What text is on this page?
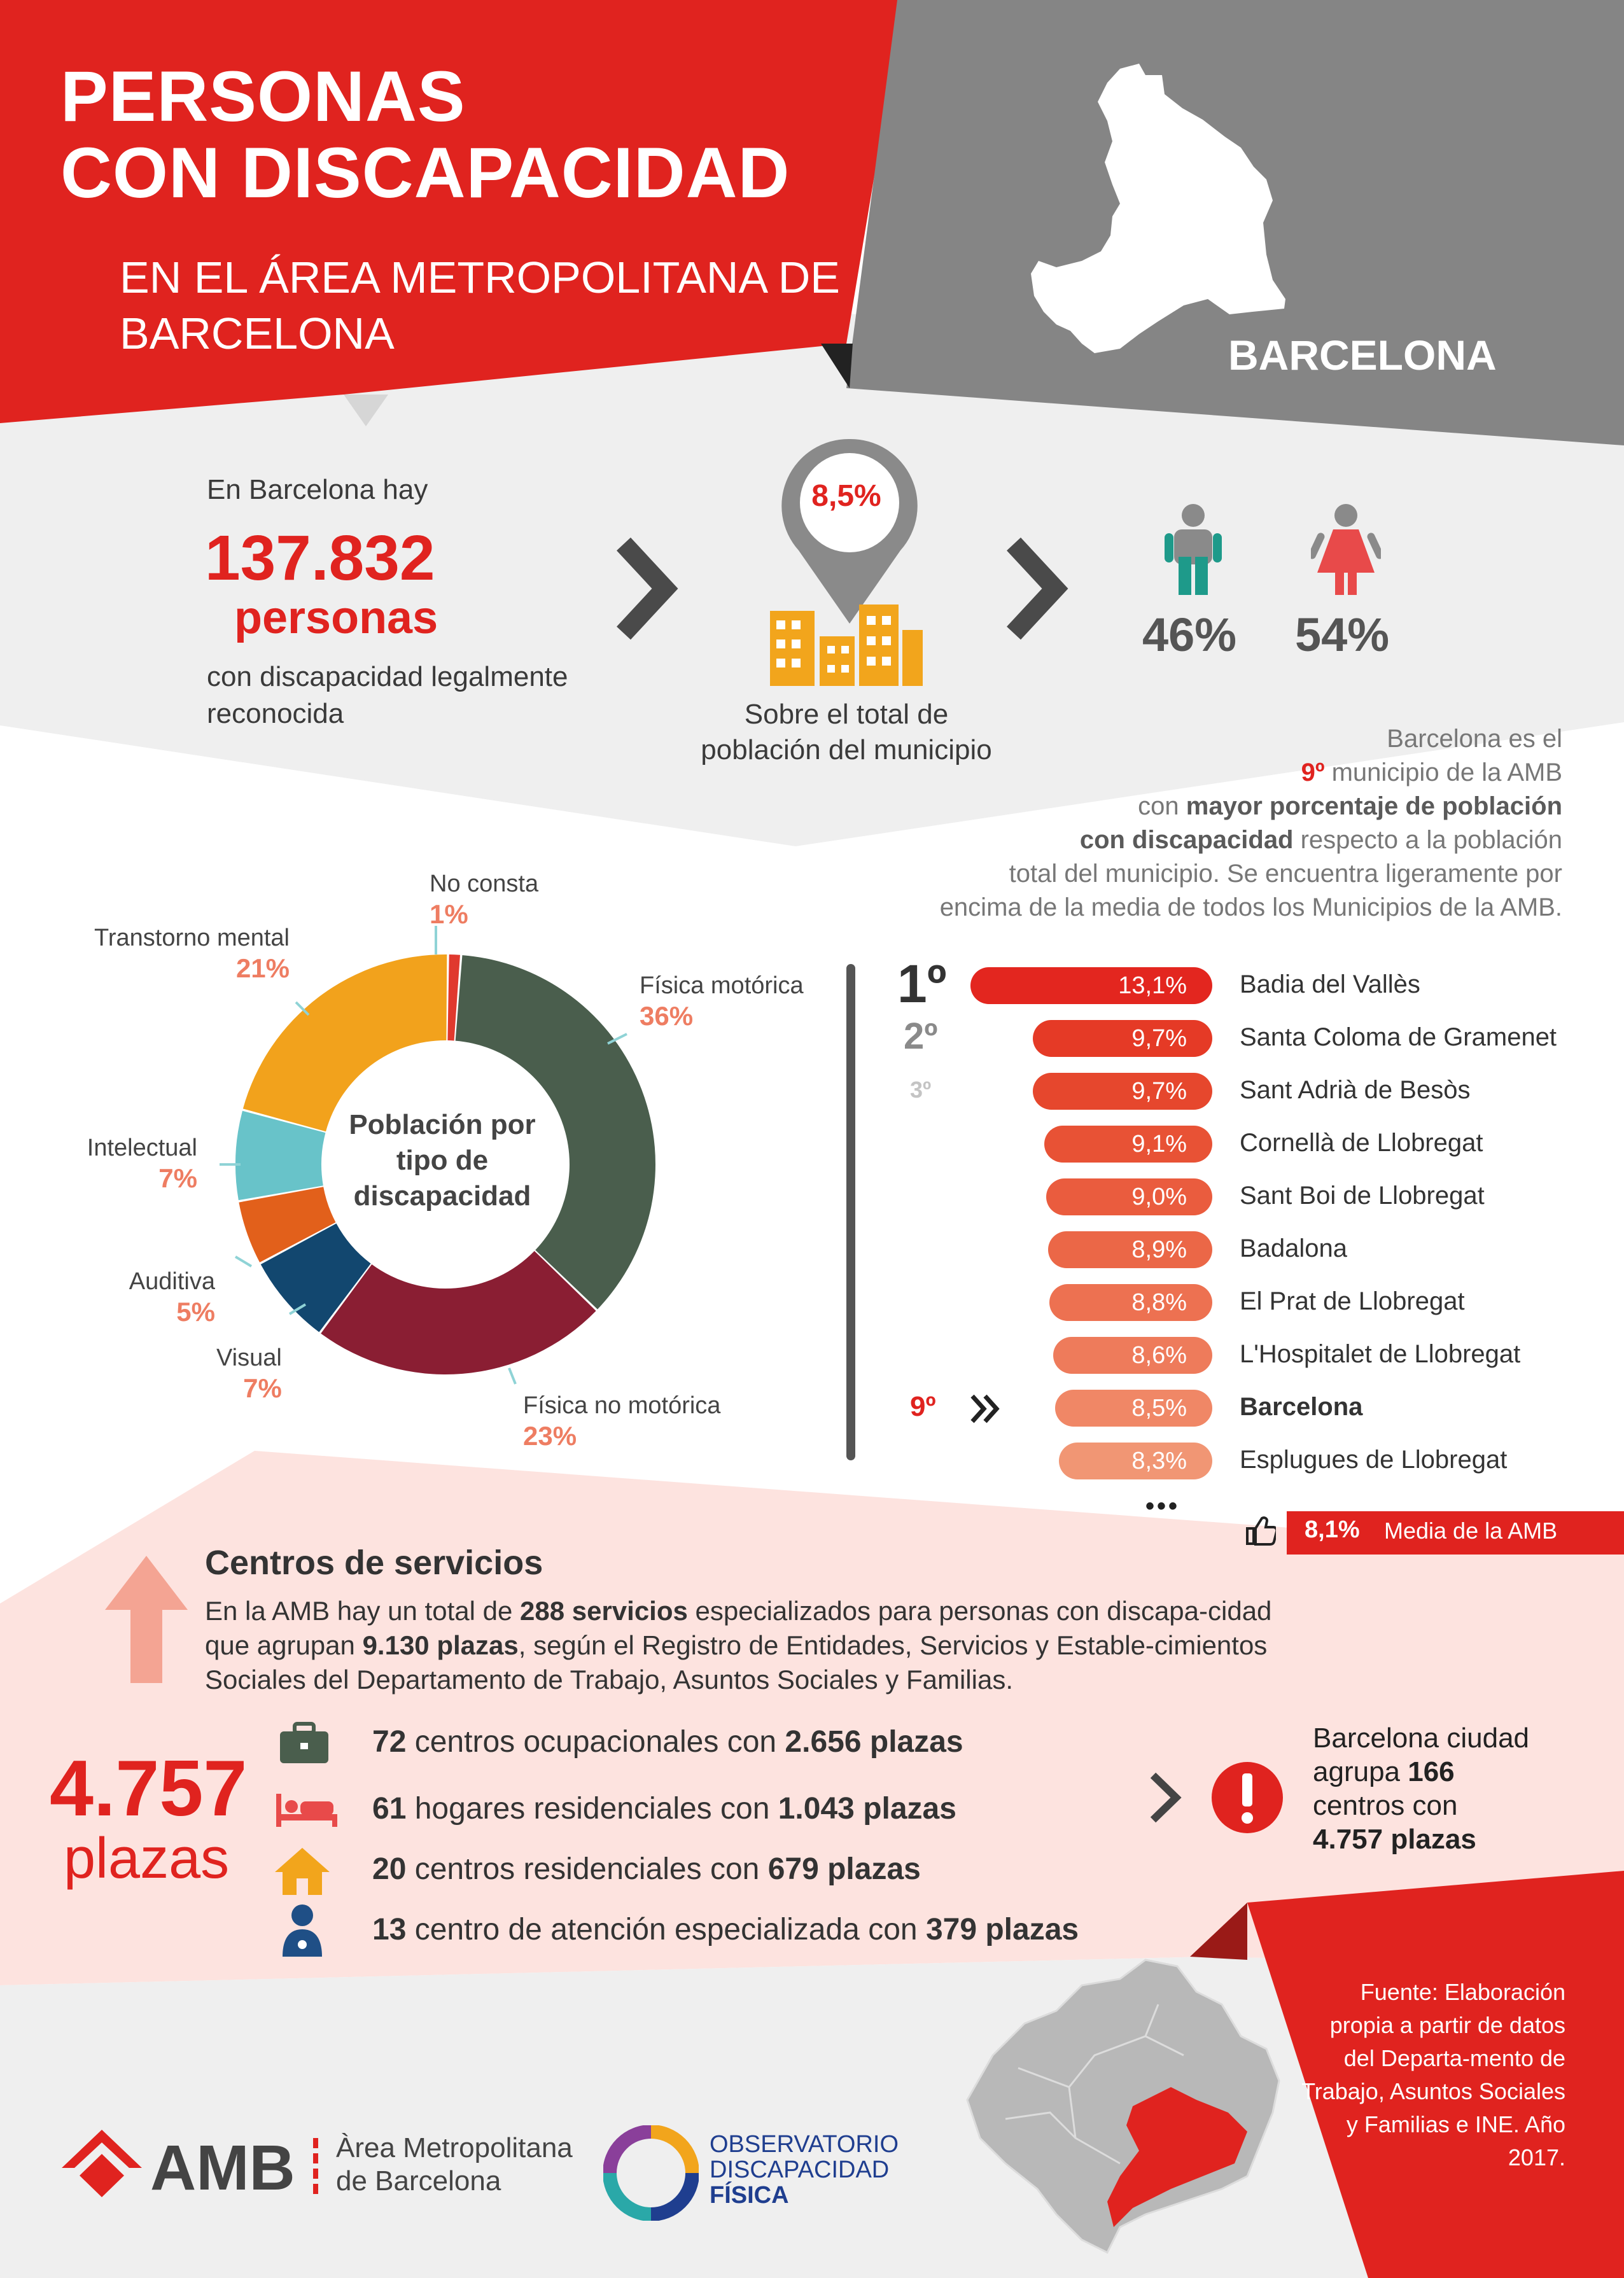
PERSONAS
CON DISCAPACIDAD
EN EL ÁREA METROPOLITANA DE BARCELONA	BARCELONA
En Barcelona hay
137.832
personas
con discapacidad legalmente reconocida
8,5%
Sobre el total de población del municipio
46% 54%
Barcelona es el
9º municipio de la AMB
con mayor porcentaje de población
con discapacidad respecto a la población
total del municipio. Se encuentra ligeramente por
encima de la media de todos los Municipios de la AMB.
Población por tipo de discapacidad
No consta
1%
Física motórica
36%
Física no motórica
23%
Visual
7%
Auditiva
5%
Intelectual
7%
Transtorno mental
21%
13,1%	Badia del Vallès
1º
9,7%	Santa Coloma de Gramenet
2º
9,7%	Sant Adrià de Besòs
3º
9,1%	Cornellà de Llobregat
9,0%	Sant Boi de Llobregat
8,9%	Badalona
8,8%	El Prat de Llobregat
8,6%	L'Hospitalet de Llobregat
8,5%	Barcelona
9º
8,3%	Esplugues de Llobregat
•••
8,1% Media de la AMB
Centros de servicios
En la AMB hay un total de 288 servicios especializados para personas con discapa-cidad que agrupan 9.130 plazas, según el Registro de Entidades, Servicios y Estable-cimientos Sociales del Departamento de Trabajo, Asuntos Sociales y Familias.
4.757
plazas
72 centros ocupacionales con 2.656 plazas
61 hogares residenciales con 1.043 plazas
20 centros residenciales con 679 plazas
13 centro de atención especializada con 379 plazas
Barcelona ciudad
agrupa 166
centros con
4.757 plazas
Fuente: Elaboración propia a partir de datos del Departa-mento de Trabajo, Asuntos Sociales y Familias e INE. Año 2017.
AMB Àrea Metropolitana
de Barcelona
OBSERVATORIO
DISCAPACIDAD
FÍSICA
